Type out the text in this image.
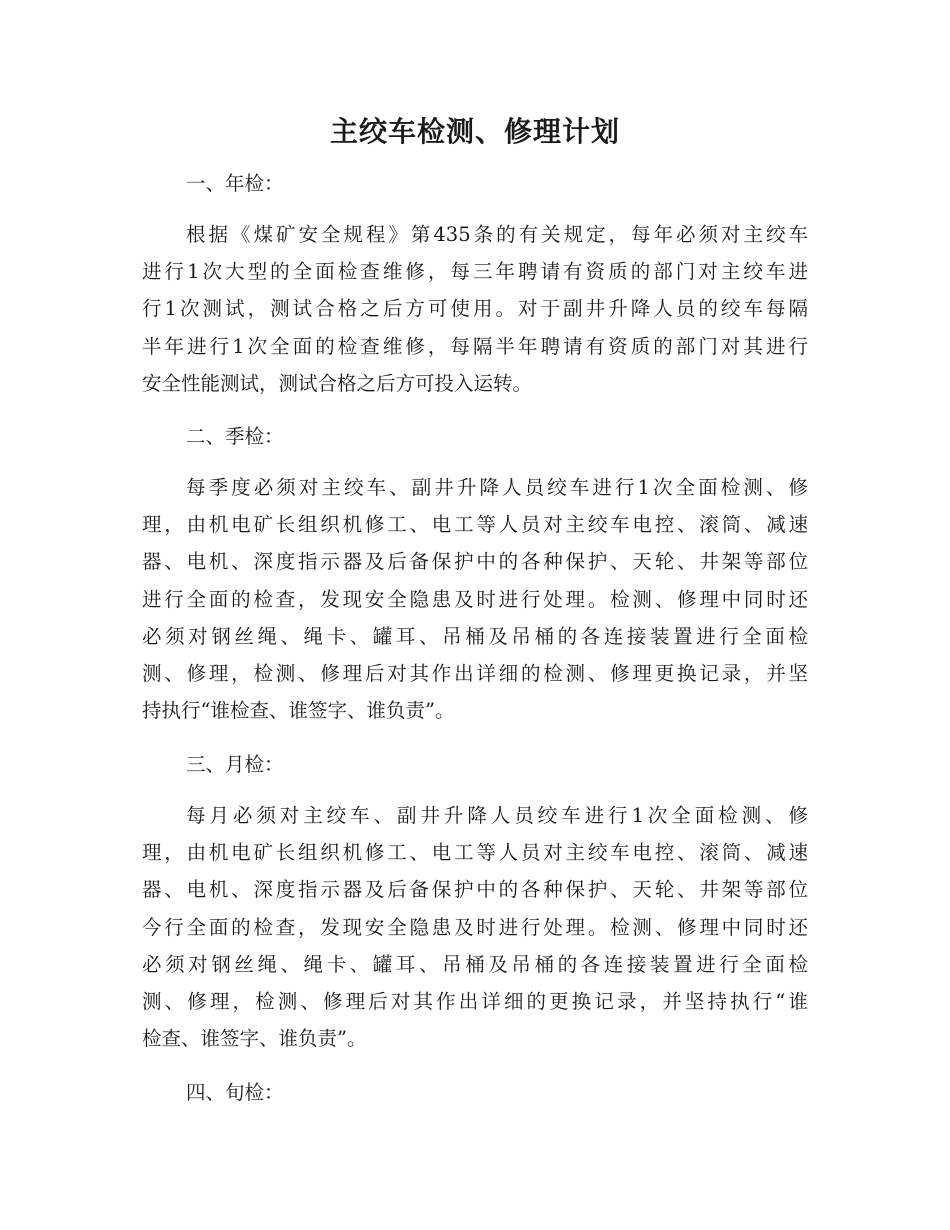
主绞车检测、修理计划

一、年检：

根据《煤矿安全规程》第435条的有关规定，每年必须对主绞车
进行1次大型的全面检查维修，每三年聘请有资质的部门对主绞车进
行1次测试，测试合格之后方可使用。对于副井升降人员的绞车每隔
半年进行1次全面的检查维修，每隔半年聘请有资质的部门对其进行
安全性能测试，测试合格之后方可投入运转。

二、季检：

每季度必须对主绞车、副井升降人员绞车进行1次全面检测、修
理，由机电矿长组织机修工、电工等人员对主绞车电控、滚筒、减速
器、电机、深度指示器及后备保护中的各种保护、天轮、井架等部位
进行全面的检查，发现安全隐患及时进行处理。检测、修理中同时还
必须对钢丝绳、绳卡、罐耳、吊桶及吊桶的各连接装置进行全面检
测、修理，检测、修理后对其作出详细的检测、修理更换记录，并坚
持执行“谁检查、谁签字、谁负责”。

三、月检：

每月必须对主绞车、副井升降人员绞车进行1次全面检测、修
理，由机电矿长组织机修工、电工等人员对主绞车电控、滚筒、减速
器、电机、深度指示器及后备保护中的各种保护、天轮、井架等部位
今行全面的检查，发现安全隐患及时进行处理。检测、修理中同时还
必须对钢丝绳、绳卡、罐耳、吊桶及吊桶的各连接装置进行全面检
测、修理，检测、修理后对其作出详细的更换记录，并坚持执行“谁
检查、谁签字、谁负责”。

四、旬检：
